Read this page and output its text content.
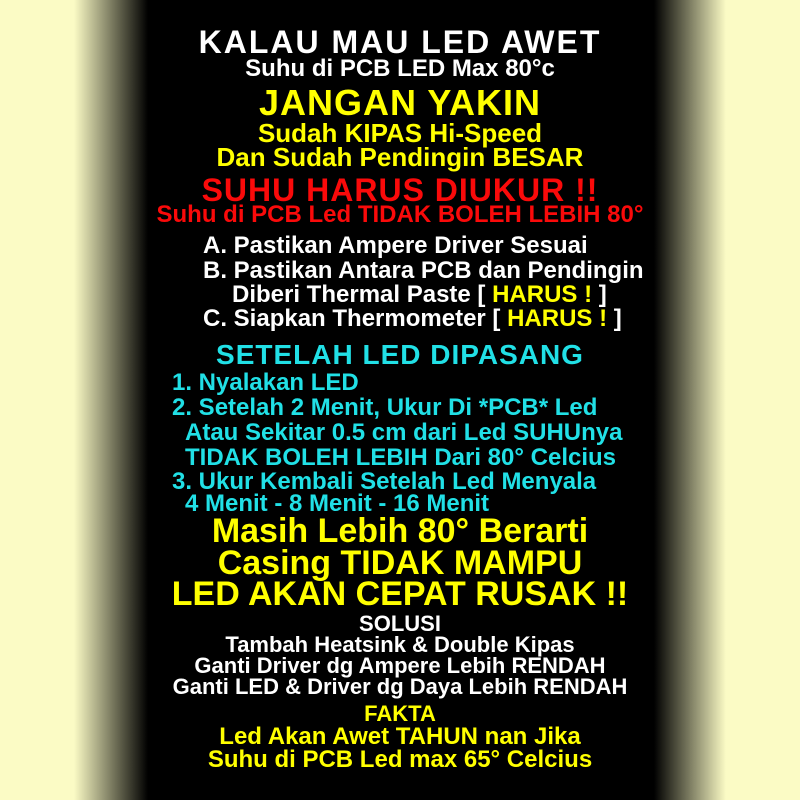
KALAU MAU LED AWET
Suhu di PCB LED Max 80°c
JANGAN YAKIN
Sudah KIPAS Hi-Speed
Dan Sudah Pendingin BESAR
SUHU HARUS DIUKUR !!
Suhu di PCB Led TIDAK BOLEH LEBIH 80°
A. Pastikan Ampere Driver Sesuai
B. Pastikan Antara PCB dan Pendingin
Diberi Thermal Paste [ HARUS ! ]
C. Siapkan Thermometer [ HARUS ! ]
SETELAH LED DIPASANG
1. Nyalakan LED
2. Setelah 2 Menit, Ukur Di *PCB* Led
Atau Sekitar 0.5 cm dari Led SUHUnya
TIDAK BOLEH LEBIH Dari 80° Celcius
3. Ukur Kembali Setelah Led Menyala
4 Menit - 8 Menit - 16 Menit
Masih Lebih 80° Berarti
Casing TIDAK MAMPU
LED AKAN CEPAT RUSAK !!
SOLUSI
Tambah Heatsink & Double Kipas
Ganti Driver dg Ampere Lebih RENDAH
Ganti LED & Driver dg Daya Lebih RENDAH
FAKTA
Led Akan Awet TAHUN nan Jika
Suhu di PCB Led max 65° Celcius
